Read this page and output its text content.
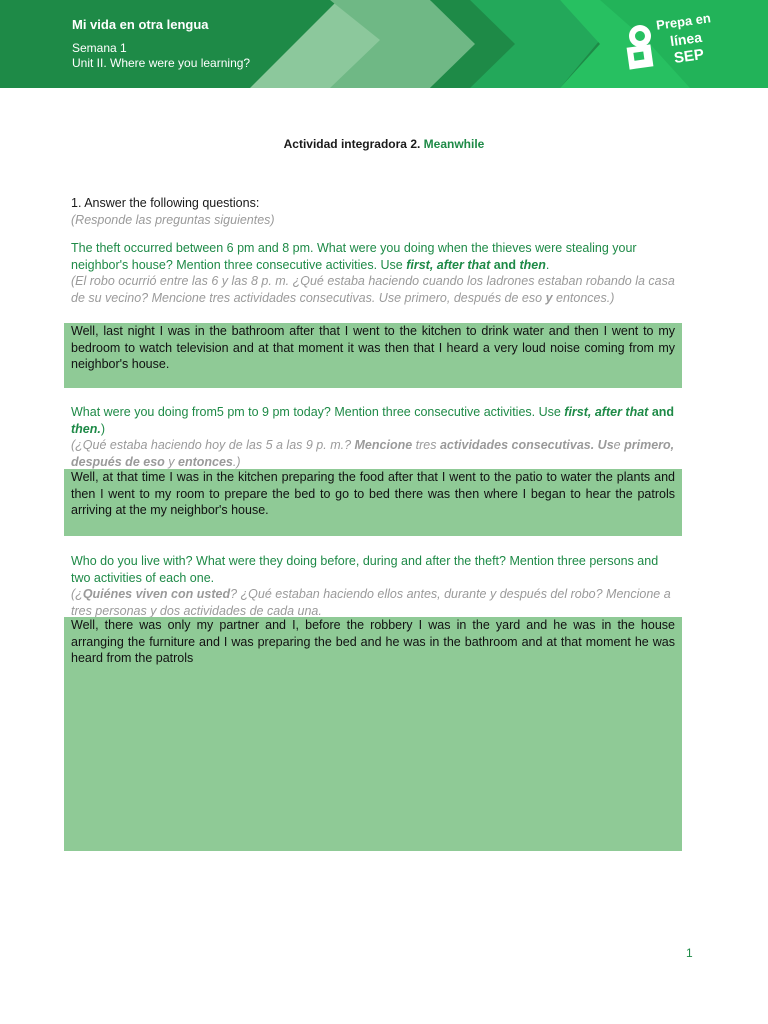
Mi vida en otra lengua
Semana 1
Unit II. Where were you learning?
Prepa en
línea
SEP
Actividad integradora 2. Meanwhile
1. Answer the following questions:
(Responde las preguntas siguientes)
The theft occurred between 6 pm and 8 pm. What were you doing when the thieves were stealing your neighbor's house? Mention three consecutive activities. Use first, after that and then.
(El robo ocurrió entre las 6 y las 8 p. m. ¿Qué estaba haciendo cuando los ladrones estaban robando la casa de su vecino? Mencione tres actividades consecutivas. Use primero, después de eso y entonces.)
Well, last night I was in the bathroom after that I went to the kitchen to drink water and then I went to my bedroom to watch television and at that moment it was then that I heard a very loud noise coming from my neighbor's house.
What were you doing from5 pm to 9 pm today? Mention three consecutive activities. Use first, after that and then.)
(¿Qué estaba haciendo hoy de las 5 a las 9 p. m.? Mencione tres actividades consecutivas. Use primero, después de eso y entonces.)
Well, at that time I was in the kitchen preparing the food after that I went to the patio to water the plants and then I went to my room to prepare the bed to go to bed there was then where I began to hear the patrols arriving at the my neighbor's house.
Who do you live with? What were they doing before, during and after the theft? Mention three persons and two activities of each one.
(¿Quiénes viven con usted? ¿Qué estaban haciendo ellos antes, durante y después del robo? Mencione a tres personas y dos actividades de cada una.
Well, there was only my partner and I, before the robbery I was in the yard and he was in the house arranging the furniture and I was preparing the bed and he was in the bathroom and at that moment he was heard from the patrols
1
